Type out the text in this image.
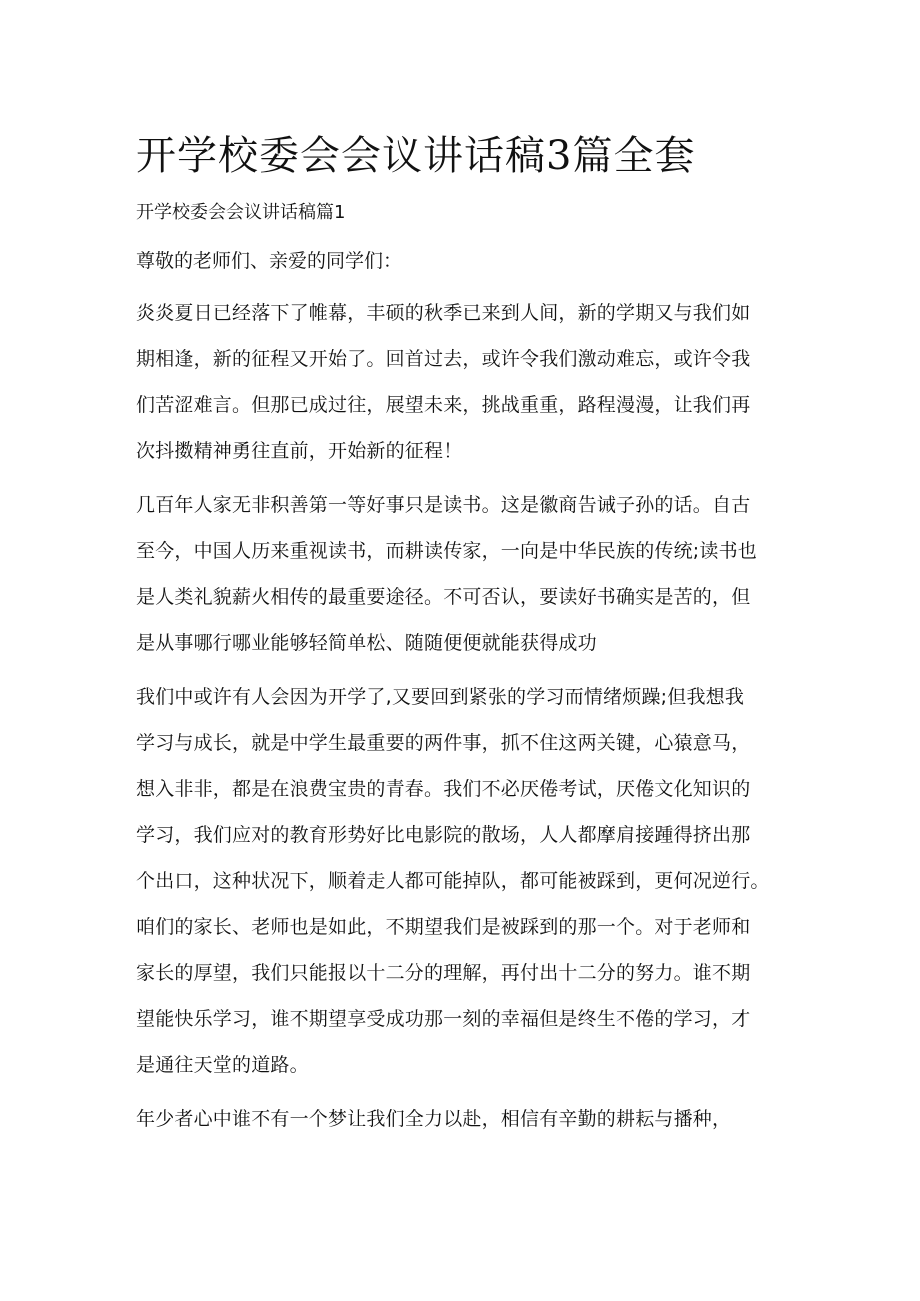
开学校委会会议讲话稿3篇全套

开学校委会会议讲话稿篇1

尊敬的老师们、亲爱的同学们：

炎炎夏日已经落下了帷幕，丰硕的秋季已来到人间，新的学期又与我们如
期相逢，新的征程又开始了。回首过去，或许令我们激动难忘，或许令我
们苦涩难言。但那已成过往，展望未来，挑战重重，路程漫漫，让我们再
次抖擞精神勇往直前，开始新的征程！
几百年人家无非积善第一等好事只是读书。这是徽商告诫子孙的话。自古
至今，中国人历来重视读书，而耕读传家，一向是中华民族的传统;读书也
是人类礼貌薪火相传的最重要途径。不可否认，要读好书确实是苦的，但
是从事哪行哪业能够轻简单松、随随便便就能获得成功
我们中或许有人会因为开学了,又要回到紧张的学习而情绪烦躁;但我想我
学习与成长，就是中学生最重要的两件事，抓不住这两关键，心猿意马，
想入非非，都是在浪费宝贵的青春。我们不必厌倦考试，厌倦文化知识的
学习，我们应对的教育形势好比电影院的散场，人人都摩肩接踵得挤出那
个出口，这种状况下，顺着走人都可能掉队，都可能被踩到，更何况逆行。
咱们的家长、老师也是如此，不期望我们是被踩到的那一个。对于老师和
家长的厚望，我们只能报以十二分的理解，再付出十二分的努力。谁不期
望能快乐学习，谁不期望享受成功那一刻的幸福但是终生不倦的学习，才
是通往天堂的道路。
年少者心中谁不有一个梦让我们全力以赴，相信有辛勤的耕耘与播种，
